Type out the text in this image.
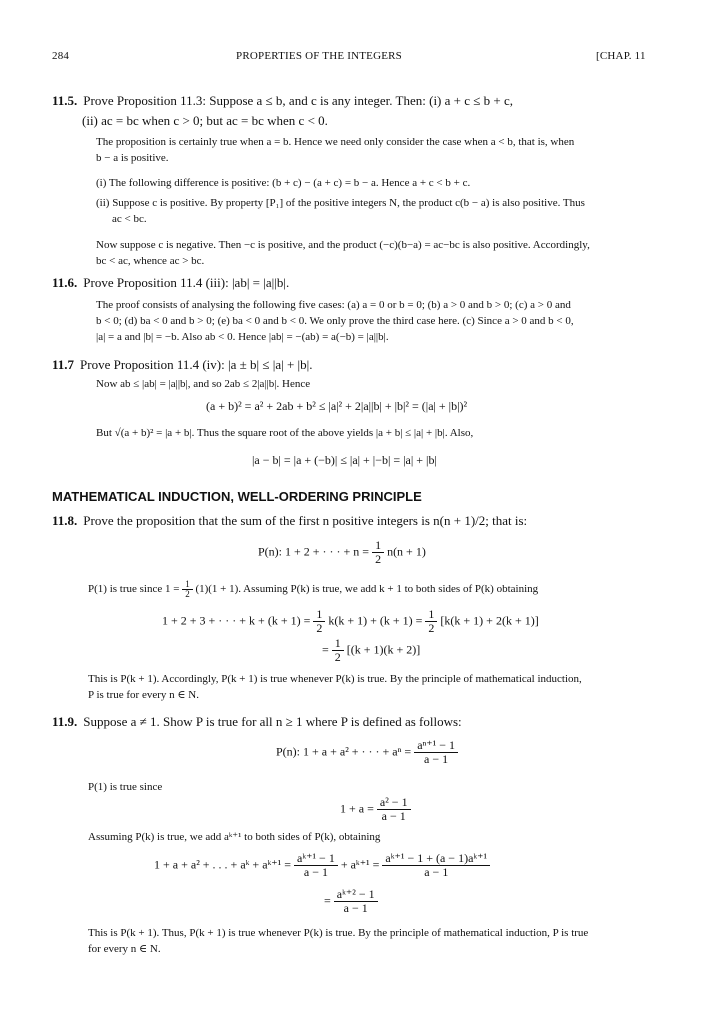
284	PROPERTIES OF THE INTEGERS	[CHAP. 11
11.5. Prove Proposition 11.3: Suppose a ≤ b, and c is any integer. Then: (i) a + c ≤ b + c,
(ii) ac = bc when c > 0; but ac = bc when c < 0.
The proposition is certainly true when a = b. Hence we need only consider the case when a < b, that is, when
b − a is positive.
(i) The following difference is positive: (b + c) − (a + c) = b − a. Hence a + c < b + c.
(ii) Suppose c is positive. By property [P₁] of the positive integers N, the product c(b − a) is also positive. Thus
ac < bc.
Now suppose c is negative. Then −c is positive, and the product (−c)(b−a) = ac−bc is also positive. Accordingly,
bc < ac, whence ac > bc.
11.6. Prove Proposition 11.4 (iii): |ab| = |a||b|.
The proof consists of analysing the following five cases: (a) a = 0 or b = 0; (b) a > 0 and b > 0; (c) a > 0 and
b < 0; (d) ba < 0 and b > 0; (e) ba < 0 and b < 0. We only prove the third case here. (c) Since a > 0 and b < 0,
|a| = a and |b| = −b. Also ab < 0. Hence |ab| = −(ab) = a(−b) = |a||b|.
11.7 Prove Proposition 11.4 (iv): |a ± b| ≤ |a| + |b|.
Now ab ≤ |ab| = |a||b|, and so 2ab ≤ 2|a||b|. Hence
(a + b)² = a² + 2ab + b² ≤ |a|² + 2|a||b| + |b|² = (|a| + |b|)²
But √(a + b)² = |a + b|. Thus the square root of the above yields |a + b| ≤ |a| + |b|. Also,
|a − b| = |a + (−b)| ≤ |a| + |−b| = |a| + |b|
MATHEMATICAL INDUCTION, WELL-ORDERING PRINCIPLE
11.8. Prove the proposition that the sum of the first n positive integers is n(n + 1)/2; that is:
P(n): 1 + 2 + · · · + $n = \frac{1}{2} n(n + 1)$
P(1) is true since $1 = \frac{1}{2} (1)(1 + 1)$. Assuming P(k) is true, we add k + 1 to both sides of P(k) obtaining
1 + 2 + 3 + · · · + $k + (k + 1) = \frac{1}{2} k(k + 1) + (k + 1) = \frac{1}{2} [k(k + 1) + 2(k + 1)]$
= $\frac{1}{2} [(k + 1)(k + 2)]$
This is P(k + 1). Accordingly, P(k + 1) is true whenever P(k) is true. By the principle of mathematical induction,
P is true for every n ∈ N.
11.9. Suppose a ≠ 1. Show P is true for all n ≥ 1 where P is defined as follows:
P(n): 1 + a + a² + · · · + $a^n = \frac{\text{aⁿ⁺¹ − 1}}{a - 1}$
P(1) is true since
$1 + a = \frac{\text{a² − 1}}{a - 1}$
Assuming P(k) is true, we add aᵏ⁺¹ to both sides of P(k), obtaining
1 + a + a² + . . . + aᵏ + aᵏ⁺¹ = $\frac{\text{aᵏ⁺¹ − 1}}{a - 1}$ + aᵏ⁺¹ = $\frac{\text{aᵏ⁺¹ − 1 + (a − 1)aᵏ⁺¹}}{a - 1}$
= $\frac{\text{aᵏ⁺² − 1}}{a - 1}$
This is P(k + 1). Thus, P(k + 1) is true whenever P(k) is true. By the principle of mathematical induction, P is true
for every n ∈ N.
